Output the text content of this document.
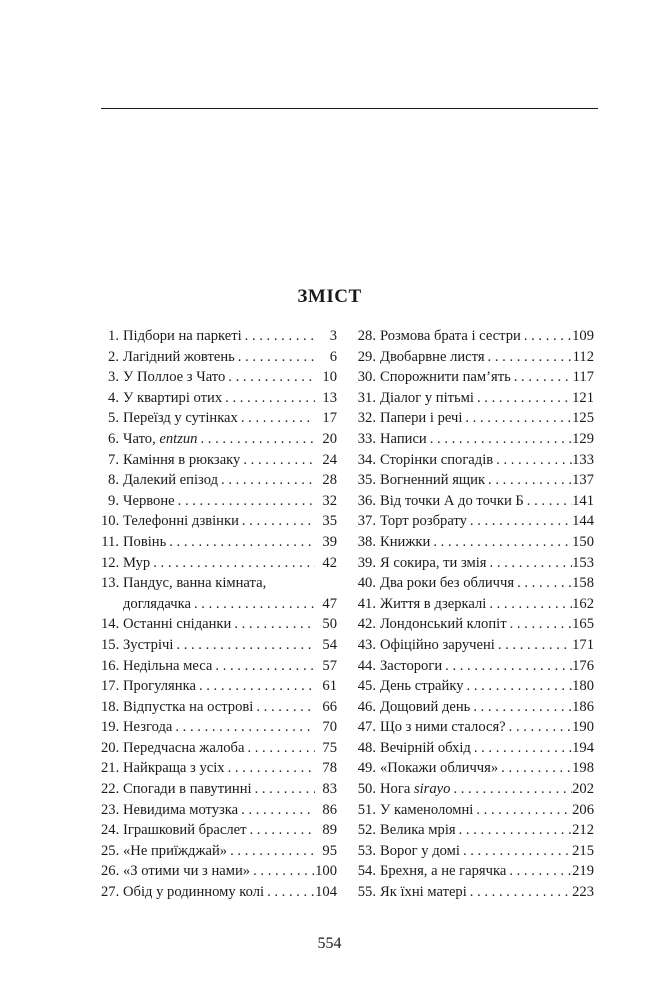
ЗМІСТ
1. Підбори на паркеті . . .	3
2. Лагідний жовтень . . .	6
3. У Поллое з Чато . . .	10
4. У квартирі отих . . .	13
5. Переїзд у сутінках . . .	17
6. Чато, entzun . . .	20
7. Каміння в рюкзаку . . .	24
8. Далекий епізод . . .	28
9. Червоне . . .	32
10. Телефонні дзвінки . . .	35
11. Повінь . . .	39
12. Мур . . .	42
13. Пандус, ванна кімната,
доглядачка . . .	47
14. Останні сніданки . . .	50
15. Зустрічі . . .	54
16. Недільна меса . . .	57
17. Прогулянка . . .	61
18. Відпустка на острові . . .	66
19. Незгода . . .	70
20. Передчасна жалоба . . .	75
21. Найкраща з усіх . . .	78
22. Спогади в павутинні . . .	83
23. Невидима мотузка . . .	86
24. Іграшковий браслет . . .	89
25. «Не приїжджай» . . .	95
26. «З отими чи з нами» . . .	100
27. Обід у родинному колі . . .	104
28. Розмова брата і сестри . . .	109
29. Двобарвне листя . . .	112
30. Спорожнити пам’ять . . .	117
31. Діалог у пітьмі . . .	121
32. Папери і речі . . .	125
33. Написи . . .	129
34. Сторінки спогадів . . .	133
35. Вогненний ящик . . .	137
36. Від точки А до точки Б . . .	141
37. Торт розбрату . . .	144
38. Книжки . . .	150
39. Я сокира, ти змія . . .	153
40. Два роки без обличчя . . .	158
41. Життя в дзеркалі . . .	162
42. Лондонський клопіт . . .	165
43. Офіційно заручені . . .	171
44. Застороги . . .	176
45. День страйку . . .	180
46. Дощовий день . . .	186
47. Що з ними сталося? . . .	190
48. Вечірній обхід . . .	194
49. «Покажи обличчя» . . .	198
50. Нога sirayo . . .	202
51. У каменоломні . . .	206
52. Велика мрія . . .	212
53. Ворог у домі . . .	215
54. Брехня, а не гарячка . . .	219
55. Як їхні матері . . .	223
554
